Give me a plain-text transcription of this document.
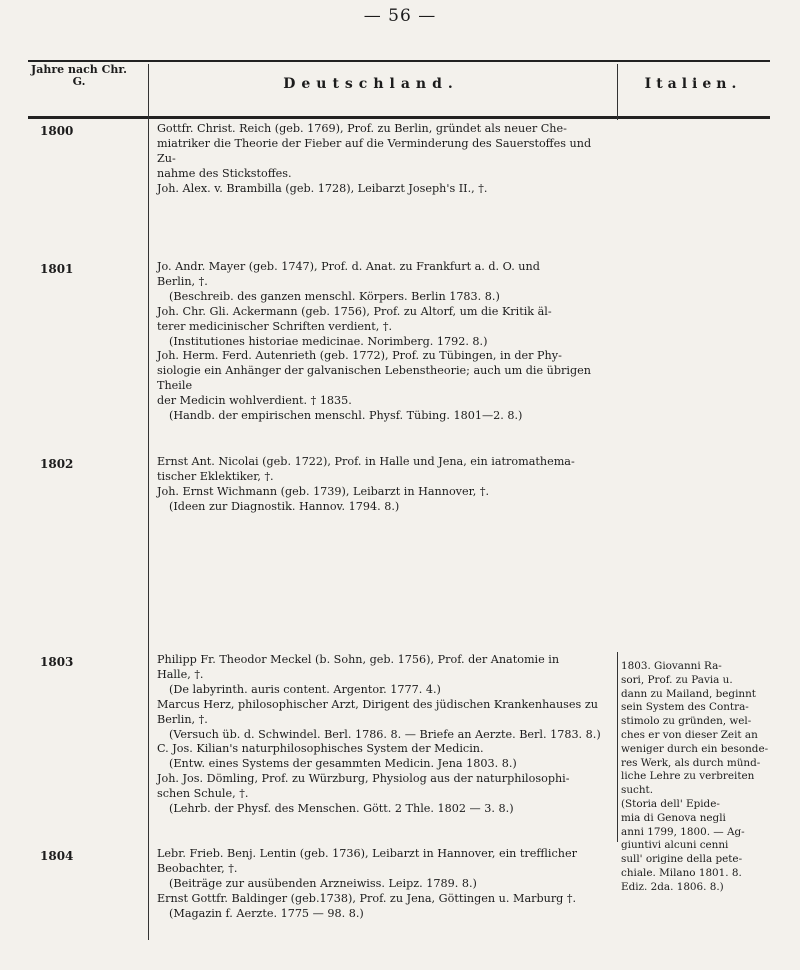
— 56 —
Jahre nach Chr. G.	Deutschland.	Italien.
1800
1801
1802
1803
1804

Gottfr. Christ. Reich (geb. 1769), Prof. zu Berlin, gründet als neuer Che-

miatriker die Theorie der Fieber auf die Verminderung des Sauerstoffes und Zu-

nahme des Stickstoffes.

Joh. Alex. v. Brambilla (geb. 1728), Leibarzt Joseph's II., †.

Jo. Andr. Mayer (geb. 1747), Prof. d. Anat. zu Frankfurt a. d. O. und

Berlin, †.

(Beschreib. des ganzen menschl. Körpers. Berlin 1783. 8.)

Joh. Chr. Gli. Ackermann (geb. 1756), Prof. zu Altorf, um die Kritik äl-

terer medicinischer Schriften verdient, †.

(Institutiones historiae medicinae. Norimberg. 1792. 8.)

Joh. Herm. Ferd. Autenrieth (geb. 1772), Prof. zu Tübingen, in der Phy-

siologie ein Anhänger der galvanischen Lebenstheorie; auch um die übrigen Theile

der Medicin wohlverdient. † 1835.

(Handb. der empirischen menschl. Physf. Tübing. 1801—2. 8.)

Ernst Ant. Nicolai (geb. 1722), Prof. in Halle und Jena, ein iatromathema-

tischer Eklektiker, †.

Joh. Ernst Wichmann (geb. 1739), Leibarzt in Hannover, †.

(Ideen zur Diagnostik. Hannov. 1794. 8.)

Philipp Fr. Theodor Meckel (b. Sohn, geb. 1756), Prof. der Anatomie in

Halle, †.

(De labyrinth. auris content. Argentor. 1777. 4.)

Marcus Herz, philosophischer Arzt, Dirigent des jüdischen Krankenhauses zu

Berlin, †.

(Versuch üb. d. Schwindel. Berl. 1786. 8. — Briefe an Aerzte. Berl. 1783. 8.)

C. Jos. Kilian's naturphilosophisches System der Medicin.

(Entw. eines Systems der gesammten Medicin. Jena 1803. 8.)

Joh. Jos. Dömling, Prof. zu Würzburg, Physiolog aus der naturphilosophi-

schen Schule, †.

(Lehrb. der Physf. des Menschen. Gött. 2 Thle. 1802 — 3. 8.)

Lebr. Frieb. Benj. Lentin (geb. 1736), Leibarzt in Hannover, ein trefflicher

Beobachter, †.

(Beiträge zur ausübenden Arzneiwiss. Leipz. 1789. 8.)

Ernst Gottfr. Baldinger (geb.1738), Prof. zu Jena, Göttingen u. Marburg †.

(Magazin f. Aerzte. 1775 — 98. 8.)

1803. Giovanni Ra-

sori, Prof. zu Pavia u.

dann zu Mailand, beginnt

sein System des Contra-

stimolo zu gründen, wel-

ches er von dieser Zeit an

weniger durch ein besonde-

res Werk, als durch münd-

liche Lehre zu verbreiten

sucht.

(Storia dell' Epide-

mia di Genova negli

anni 1799, 1800. — Ag-

giuntivi alcuni cenni

sull' origine della pete-

chiale. Milano 1801. 8.

Ediz. 2da. 1806. 8.)
